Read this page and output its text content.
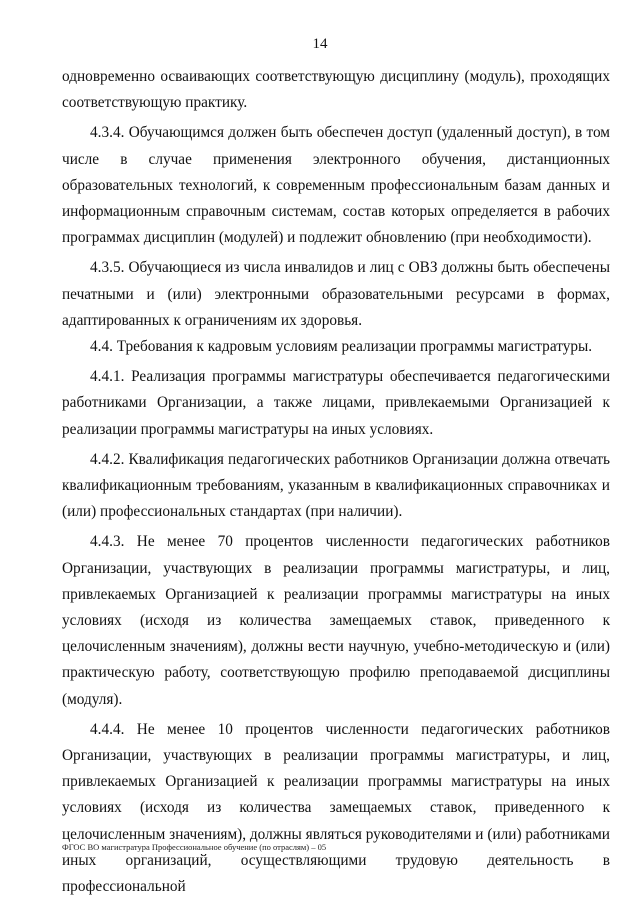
14

одновременно осваивающих соответствующую дисциплину (модуль), проходящих соответствующую практику.

4.3.4. Обучающимся должен быть обеспечен доступ (удаленный доступ), в том числе в случае применения электронного обучения, дистанционных образовательных технологий, к современным профессиональным базам данных и информационным справочным системам, состав которых определяется в рабочих программах дисциплин (модулей) и подлежит обновлению (при необходимости).

4.3.5. Обучающиеся из числа инвалидов и лиц с ОВЗ должны быть обеспечены печатными и (или) электронными образовательными ресурсами в формах, адаптированных к ограничениям их здоровья.

4.4. Требования к кадровым условиям реализации программы магистратуры.

4.4.1. Реализация программы магистратуры обеспечивается педагогическими работниками Организации, а также лицами, привлекаемыми Организацией к реализации программы магистратуры на иных условиях.

4.4.2. Квалификация педагогических работников Организации должна отвечать квалификационным требованиям, указанным в квалификационных справочниках и (или) профессиональных стандартах (при наличии).

4.4.3. Не менее 70 процентов численности педагогических работников Организации, участвующих в реализации программы магистратуры, и лиц, привлекаемых Организацией к реализации программы магистратуры на иных условиях (исходя из количества замещаемых ставок, приведенного к целочисленным значениям), должны вести научную, учебно-методическую и (или) практическую работу, соответствующую профилю преподаваемой дисциплины (модуля).

4.4.4. Не менее 10 процентов численности педагогических работников Организации, участвующих в реализации программы магистратуры, и лиц, привлекаемых Организацией к реализации программы магистратуры на иных условиях (исходя из количества замещаемых ставок, приведенного к целочисленным значениям), должны являться руководителями и (или) работниками иных организаций, осуществляющими трудовую деятельность в профессиональной

ФГОС ВО магистратура Профессиональное обучение (по отраслям) – 05
